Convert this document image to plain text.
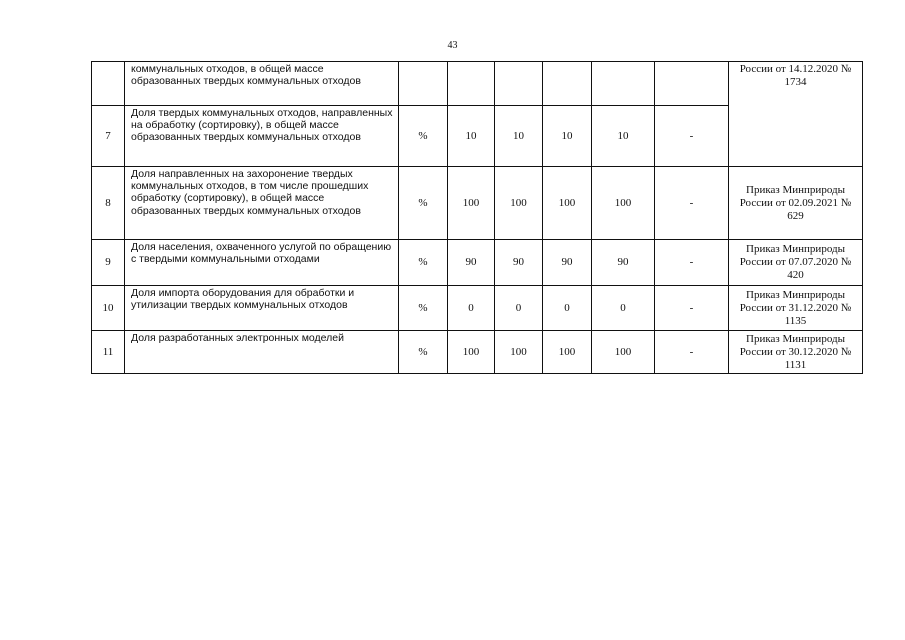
43
	коммунальных отходов, в общей массе образованных твердых коммунальных отходов							России от 14.12.2020 № 1734
7	Доля твердых коммунальных отходов, направленных на обработку (сортировку), в общей массе образованных твердых коммунальных отходов	%	10	10	10	10	-	
8	Доля направленных на захоронение твердых коммунальных отходов, в том числе прошедших обработку (сортировку), в общей массе образованных твердых коммунальных отходов	%	100	100	100	100	-	Приказ Минприроды России от 02.09.2021 № 629
9	Доля населения, охваченного услугой по обращению с твердыми коммунальными отходами	%	90	90	90	90	-	Приказ Минприроды России от 07.07.2020 № 420
10	Доля импорта оборудования для обработки и утилизации твердых коммунальных отходов	%	0	0	0	0	-	Приказ Минприроды России от 31.12.2020 № 1135
11	Доля разработанных электронных моделей	%	100	100	100	100	-	Приказ Минприроды России от 30.12.2020 № 1131
